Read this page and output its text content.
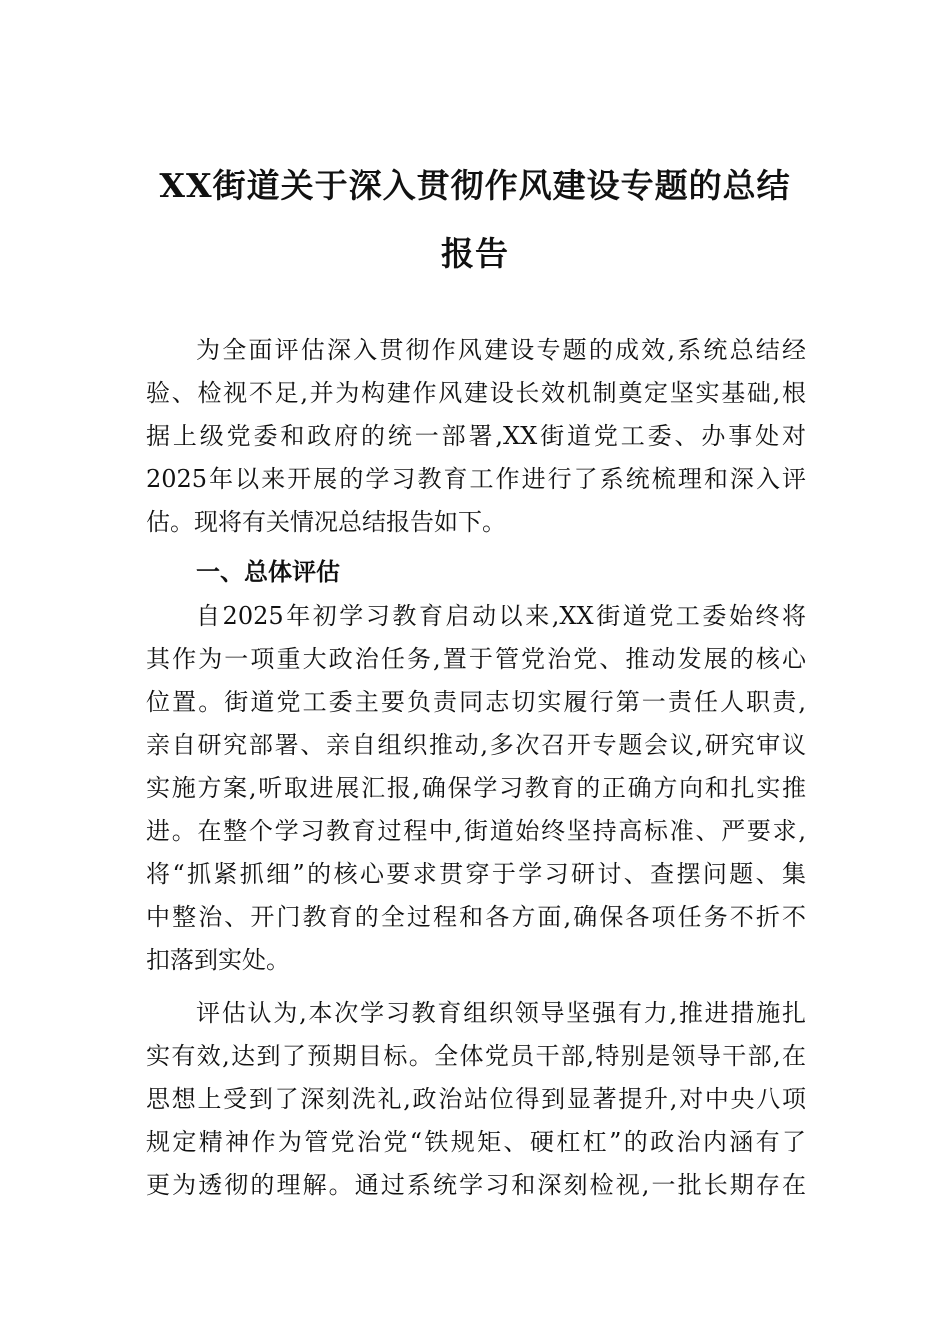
XX街道关于深入贯彻作风建设专题的总结
报告
为全面评估深入贯彻作风建设专题的成效,系统总结经
验、检视不足,并为构建作风建设长效机制奠定坚实基础,根
据上级党委和政府的统一部署,XX街道党工委、办事处对
2025年以来开展的学习教育工作进行了系统梳理和深入评
估。现将有关情况总结报告如下。
一、总体评估
自2025年初学习教育启动以来,XX街道党工委始终将
其作为一项重大政治任务,置于管党治党、推动发展的核心
位置。街道党工委主要负责同志切实履行第一责任人职责,
亲自研究部署、亲自组织推动,多次召开专题会议,研究审议
实施方案,听取进展汇报,确保学习教育的正确方向和扎实推
进。在整个学习教育过程中,街道始终坚持高标准、严要求,
将“抓紧抓细”的核心要求贯穿于学习研讨、查摆问题、集
中整治、开门教育的全过程和各方面,确保各项任务不折不
扣落到实处。
评估认为,本次学习教育组织领导坚强有力,推进措施扎
实有效,达到了预期目标。全体党员干部,特别是领导干部,在
思想上受到了深刻洗礼,政治站位得到显著提升,对中央八项
规定精神作为管党治党“铁规矩、硬杠杠”的政治内涵有了
更为透彻的理解。通过系统学习和深刻检视,一批长期存在
